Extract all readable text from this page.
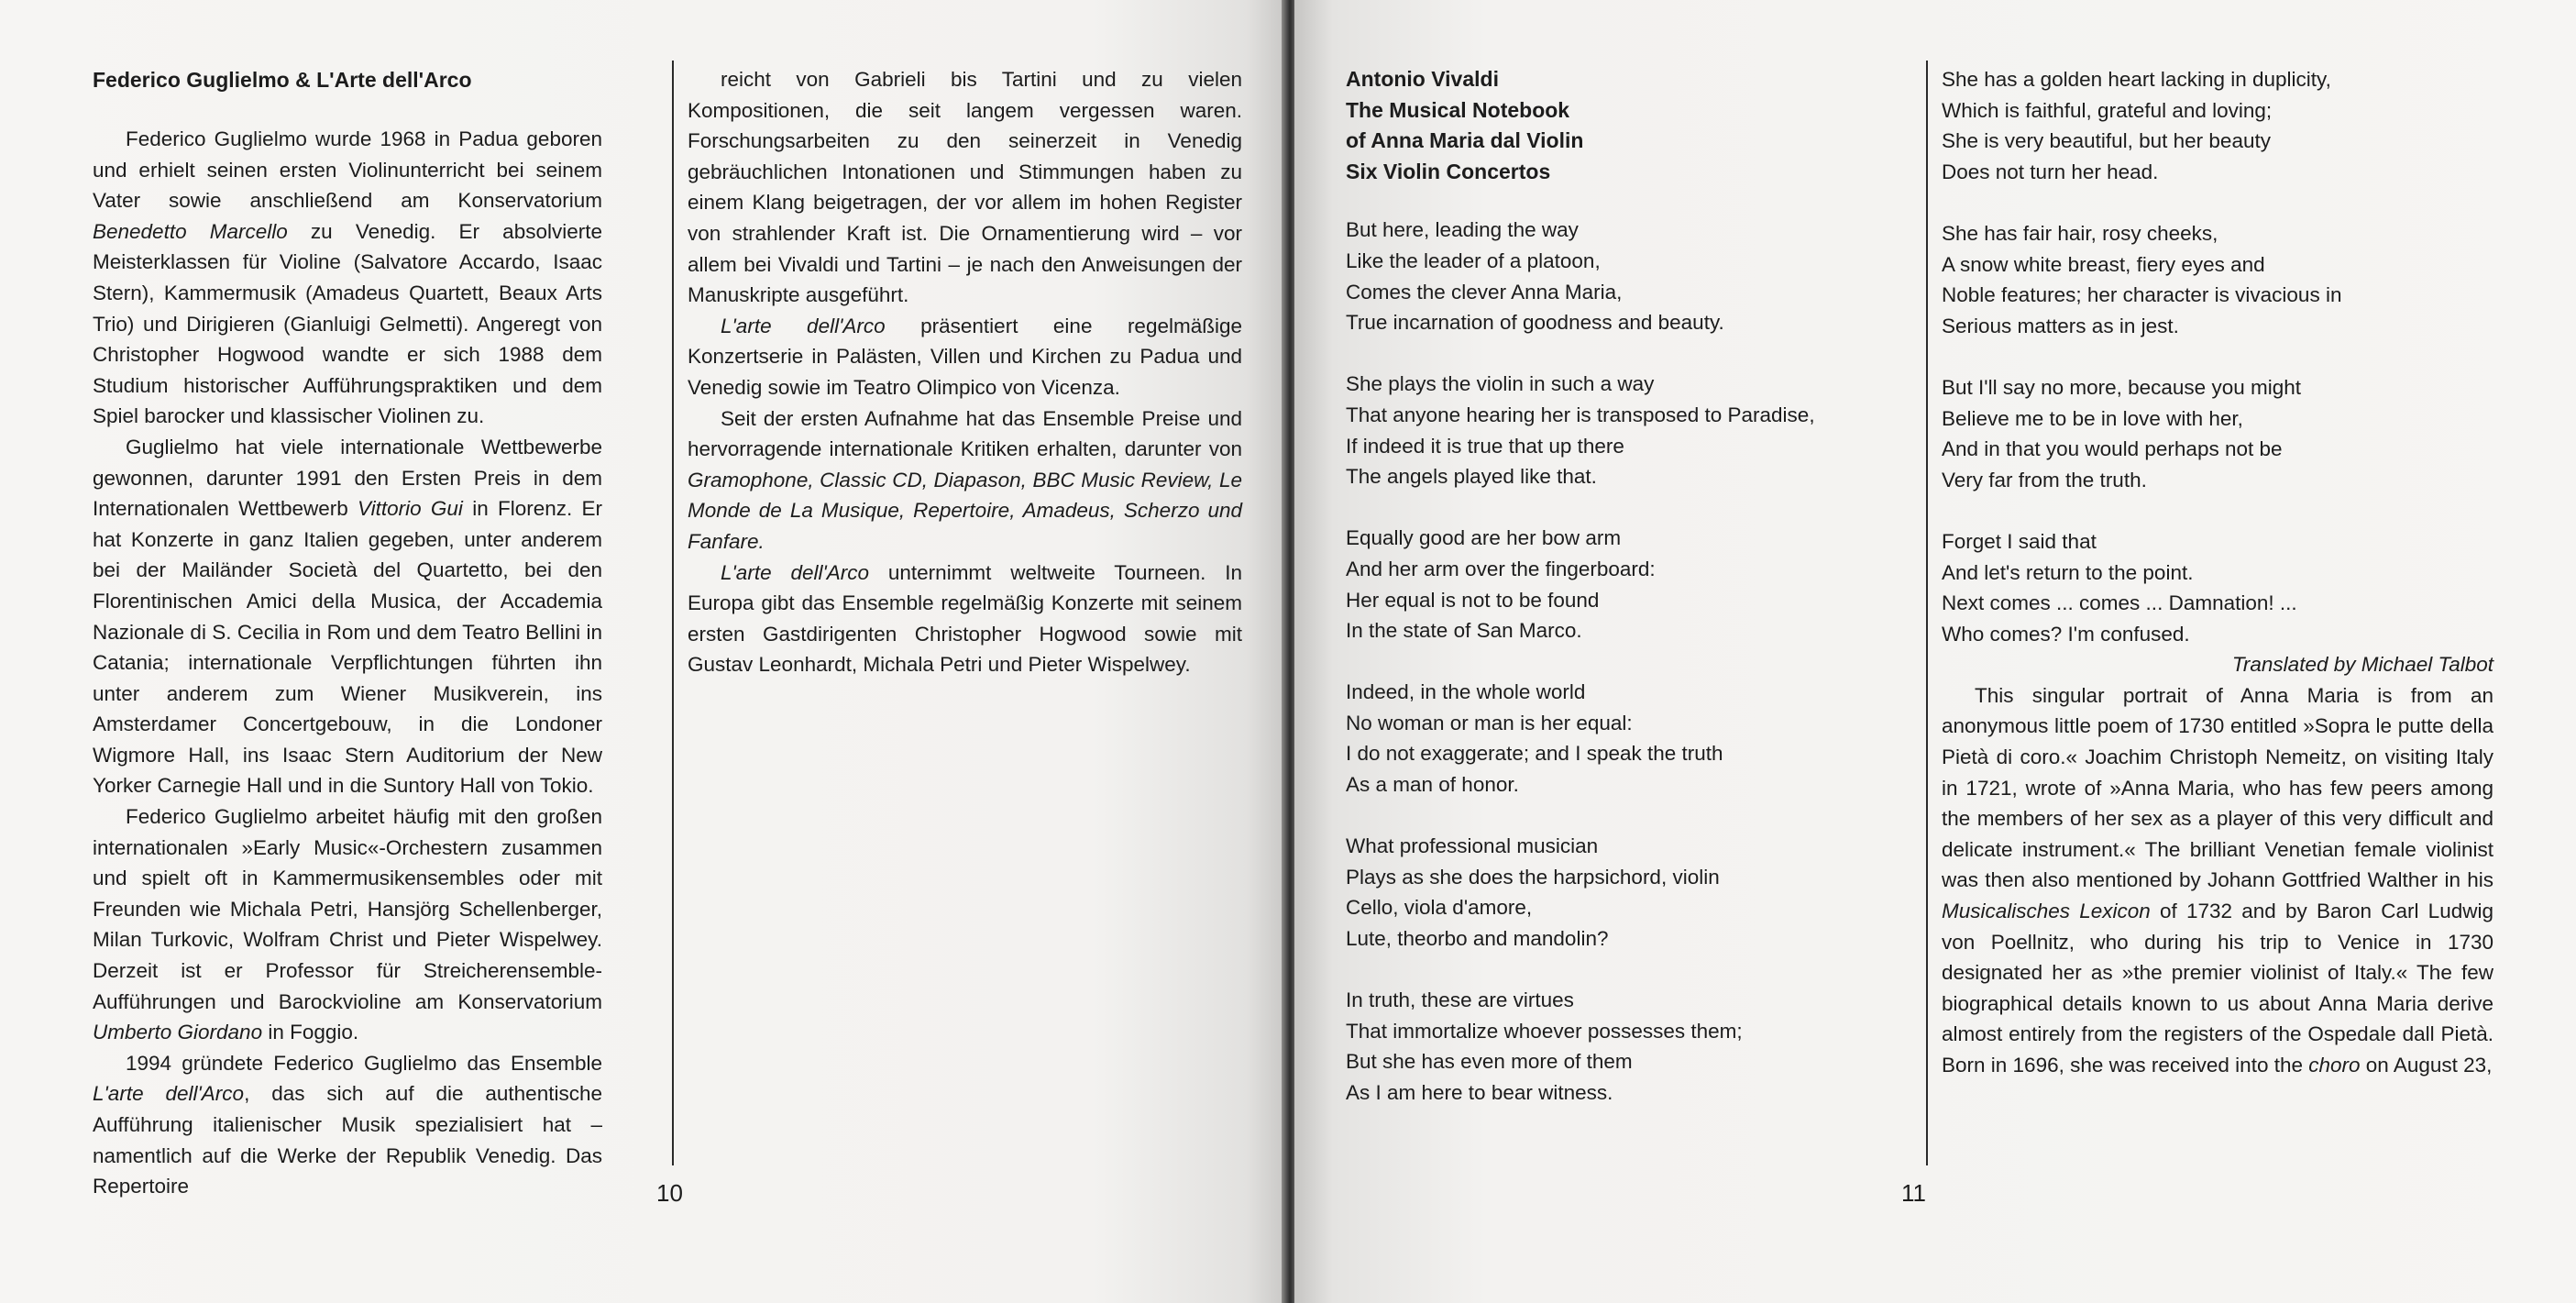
Federico Guglielmo & L'Arte dell'Arco

Federico Guglielmo wurde 1968 in Padua geboren und erhielt seinen ersten Violinunterricht bei seinem Vater sowie anschließend am Konservatorium Benedetto Marcello zu Venedig. Er absolvierte Meisterklassen für Violine (Salvatore Accardo, Isaac Stern), Kammermusik (Amadeus Quartett, Beaux Arts Trio) und Dirigieren (Gianluigi Gelmetti). Angeregt von Christopher Hogwood wandte er sich 1988 dem Studium historischer Aufführungspraktiken und dem Spiel barocker und klassischer Violinen zu.

Guglielmo hat viele internationale Wettbewerbe gewonnen, darunter 1991 den Ersten Preis in dem Internationalen Wettbewerb Vittorio Gui in Florenz. Er hat Konzerte in ganz Italien gegeben, unter anderem bei der Mailänder Società del Quartetto, bei den Florentinischen Amici della Musica, der Accademia Nazionale di S. Cecilia in Rom und dem Teatro Bellini in Catania; internationale Verpflichtungen führten ihn unter anderem zum Wiener Musikverein, ins Amsterdamer Concertgebouw, in die Londoner Wigmore Hall, ins Isaac Stern Auditorium der New Yorker Carnegie Hall und in die Suntory Hall von Tokio.

Federico Guglielmo arbeitet häufig mit den großen internationalen »Early Music«-Orchestern zusammen und spielt oft in Kammermusikensembles oder mit Freunden wie Michala Petri, Hansjörg Schellenberger, Milan Turkovic, Wolfram Christ und Pieter Wispelwey. Derzeit ist er Professor für Streicherensemble-Aufführungen und Barockvioline am Konservatorium Umberto Giordano in Foggio.

1994 gründete Federico Guglielmo das Ensemble L'arte dell'Arco, das sich auf die authentische Aufführung italienischer Musik spezialisiert hat – namentlich auf die Werke der Republik Venedig. Das Repertoire

reicht von Gabrieli bis Tartini und zu vielen Kompositionen, die seit langem vergessen waren. Forschungsarbeiten zu den seinerzeit in Venedig gebräuchlichen Intonationen und Stimmungen haben zu einem Klang beigetragen, der vor allem im hohen Register von strahlender Kraft ist. Die Ornamentierung wird – vor allem bei Vivaldi und Tartini – je nach den Anweisungen der Manuskripte ausgeführt.

L'arte dell'Arco präsentiert eine regelmäßige Konzertserie in Palästen, Villen und Kirchen zu Padua und Venedig sowie im Teatro Olimpico von Vicenza.

Seit der ersten Aufnahme hat das Ensemble Preise und hervorragende internationale Kritiken erhalten, darunter von Gramophone, Classic CD, Diapason, BBC Music Review, Le Monde de La Musique, Repertoire, Amadeus, Scherzo und Fanfare.

L'arte dell'Arco unternimmt weltweite Tourneen. In Europa gibt das Ensemble regelmäßig Konzerte mit seinem ersten Gastdirigenten Christopher Hogwood sowie mit Gustav Leonhardt, Michala Petri und Pieter Wispelwey.

10
Antonio Vivaldi
The Musical Notebook
of Anna Maria dal Violin
Six Violin Concertos
But here, leading the way
Like the leader of a platoon,
Comes the clever Anna Maria,
True incarnation of goodness and beauty.
She plays the violin in such a way
That anyone hearing her is transposed to Paradise,
If indeed it is true that up there
The angels played like that.
Equally good are her bow arm
And her arm over the fingerboard:
Her equal is not to be found
In the state of San Marco.
Indeed, in the whole world
No woman or man is her equal:
I do not exaggerate; and I speak the truth
As a man of honor.
What professional musician
Plays as she does the harpsichord, violin
Cello, viola d'amore,
Lute, theorbo and mandolin?
In truth, these are virtues
That immortalize whoever possesses them;
But she has even more of them
As I am here to bear witness.
She has a golden heart lacking in duplicity,
Which is faithful, grateful and loving;
She is very beautiful, but her beauty
Does not turn her head.
She has fair hair, rosy cheeks,
A snow white breast, fiery eyes and
Noble features; her character is vivacious in
Serious matters as in jest.
But I'll say no more, because you might
Believe me to be in love with her,
And in that you would perhaps not be
Very far from the truth.
Forget I said that
And let's return to the point.
Next comes ... comes ... Damnation! ...
Who comes? I'm confused.
Translated by Michael Talbot

This singular portrait of Anna Maria is from an anonymous little poem of 1730 entitled »Sopra le putte della Pietà di coro.« Joachim Christoph Nemeitz, on visiting Italy in 1721, wrote of »Anna Maria, who has few peers among the members of her sex as a player of this very difficult and delicate instrument.« The brilliant Venetian female violinist was then also mentioned by Johann Gottfried Walther in his Musicalisches Lexicon of 1732 and by Baron Carl Ludwig von Poellnitz, who during his trip to Venice in 1730 designated her as »the premier violinist of Italy.« The few biographical details known to us about Anna Maria derive almost entirely from the registers of the Ospedale dall Pietà. Born in 1696, she was received into the choro on August 23,

11
